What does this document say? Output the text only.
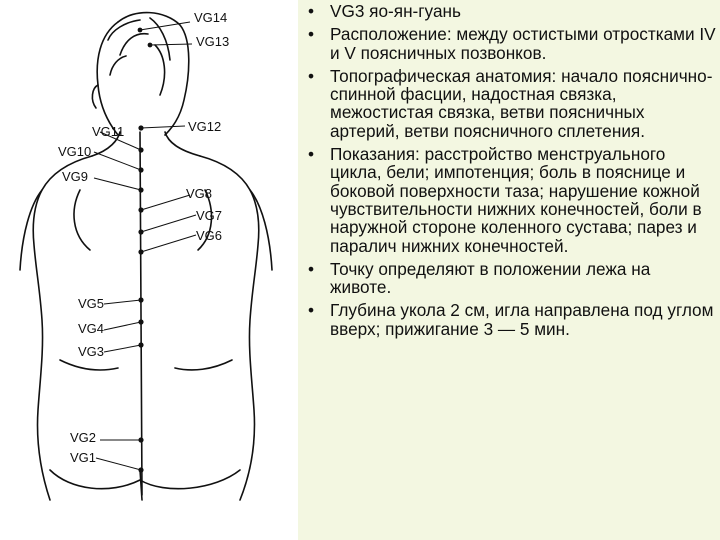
VG14
VG13
VG12
VG11
VG10
VG9
VG8
VG7
VG6
VG5
VG4
VG3
VG2
VG1
• VG3 яо-ян-гуань
• Расположение: между остистыми отростками IV и V поясничных позвонков.
• Топографическая анатомия: начало пояснично-спинной фасции, надостная связка, межостистая связка, ветви поясничных артерий, ветви поясничного сплетения.
• Показания: расстройство менструального цикла, бели; импотенция; боль в пояснице и боковой поверхности таза; нарушение кожной чувствительности нижних конечностей, боли в наружной стороне коленного сустава; парез и паралич нижних конечностей.
• Точку определяют в положении лежа на животе.
• Глубина укола 2 см, игла направлена под углом вверх; прижигание 3 — 5 мин.
